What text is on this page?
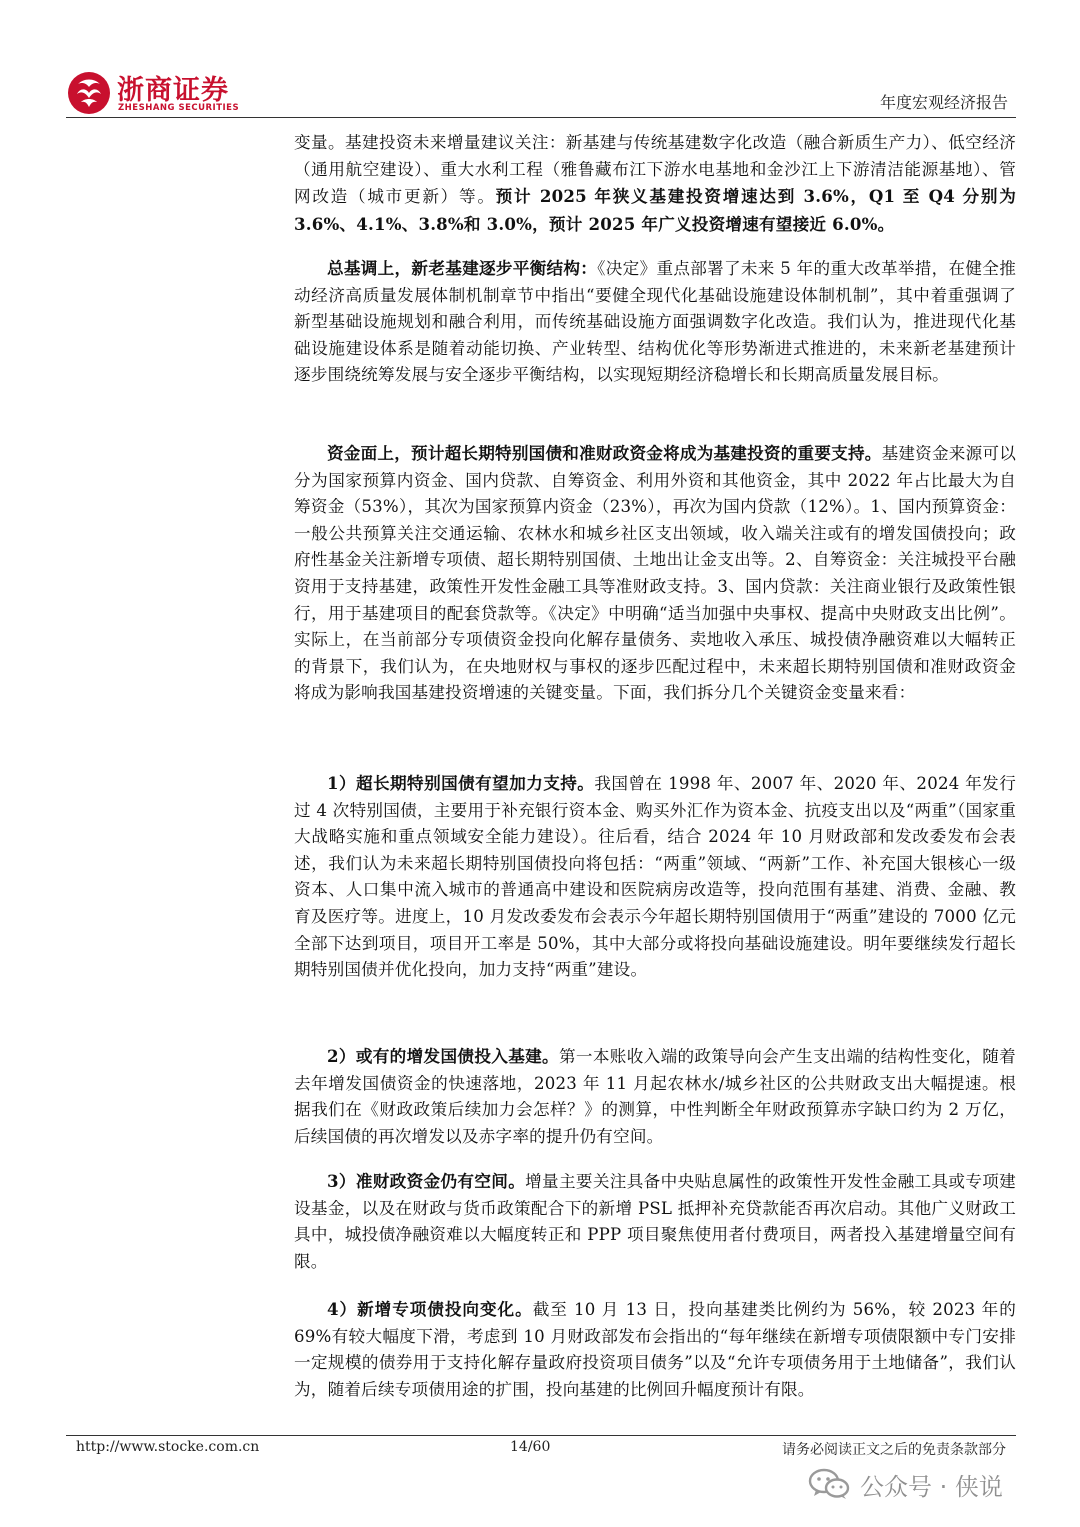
浙商证券
ZHESHANG SECURITIES	年度宏观经济报告

变量。基建投资未来增量建议关注：新基建与传统基建数字化改造（融合新质生产力）、低空经济（通用航空建设）、重大水利工程（雅鲁藏布江下游水电基地和金沙江上下游清洁能源基地）、管网改造（城市更新）等。预计 2025 年狭义基建投资增速达到 3.6%，Q1 至 Q4 分别为 3.6%、4.1%、3.8%和 3.0%，预计 2025 年广义投资增速有望接近 6.0%。

总基调上，新老基建逐步平衡结构：《决定》重点部署了未来 5 年的重大改革举措，在健全推动经济高质量发展体制机制章节中指出“要健全现代化基础设施建设体制机制”，其中着重强调了新型基础设施规划和融合利用，而传统基础设施方面强调数字化改造。我们认为，推进现代化基础设施建设体系是随着动能切换、产业转型、结构优化等形势渐进式推进的，未来新老基建预计逐步围绕统筹发展与安全逐步平衡结构，以实现短期经济稳增长和长期高质量发展目标。

资金面上，预计超长期特别国债和准财政资金将成为基建投资的重要支持。基建资金来源可以分为国家预算内资金、国内贷款、自筹资金、利用外资和其他资金，其中 2022 年占比最大为自筹资金（53%），其次为国家预算内资金（23%），再次为国内贷款（12%）。1、国内预算资金：一般公共预算关注交通运输、农林水和城乡社区支出领域，收入端关注或有的增发国债投向；政府性基金关注新增专项债、超长期特别国债、土地出让金支出等。2、自筹资金：关注城投平台融资用于支持基建，政策性开发性金融工具等准财政支持。3、国内贷款：关注商业银行及政策性银行，用于基建项目的配套贷款等。《决定》中明确“适当加强中央事权、提高中央财政支出比例”。实际上，在当前部分专项债资金投向化解存量债务、卖地收入承压、城投债净融资难以大幅转正的背景下，我们认为，在央地财权与事权的逐步匹配过程中，未来超长期特别国债和准财政资金将成为影响我国基建投资增速的关键变量。下面，我们拆分几个关键资金变量来看：

1）超长期特别国债有望加力支持。我国曾在 1998 年、2007 年、2020 年、2024 年发行过 4 次特别国债，主要用于补充银行资本金、购买外汇作为资本金、抗疫支出以及“两重”（国家重大战略实施和重点领域安全能力建设）。往后看，结合 2024 年 10 月财政部和发改委发布会表述，我们认为未来超长期特别国债投向将包括：“两重”领域、“两新”工作、补充国大银核心一级资本、人口集中流入城市的普通高中建设和医院病房改造等，投向范围有基建、消费、金融、教育及医疗等。进度上，10 月发改委发布会表示今年超长期特别国债用于“两重”建设的 7000 亿元全部下达到项目，项目开工率是 50%，其中大部分或将投向基础设施建设。明年要继续发行超长期特别国债并优化投向，加力支持“两重”建设。

2）或有的增发国债投入基建。第一本账收入端的政策导向会产生支出端的结构性变化，随着去年增发国债资金的快速落地，2023 年 11 月起农林水/城乡社区的公共财政支出大幅提速。根据我们在《财政政策后续加力会怎样？》的测算，中性判断全年财政预算赤字缺口约为 2 万亿，后续国债的再次增发以及赤字率的提升仍有空间。

3）准财政资金仍有空间。增量主要关注具备中央贴息属性的政策性开发性金融工具或专项建设基金，以及在财政与货币政策配合下的新增 PSL 抵押补充贷款能否再次启动。其他广义财政工具中，城投债净融资难以大幅度转正和 PPP 项目聚焦使用者付费项目，两者投入基建增量空间有限。

4）新增专项债投向变化。截至 10 月 13 日，投向基建类比例约为 56%，较 2023 年的 69%有较大幅度下滑，考虑到 10 月财政部发布会指出的“每年继续在新增专项债限额中专门安排一定规模的债券用于支持化解存量政府投资项目债务”以及“允许专项债务用于土地储备”，我们认为，随着后续专项债用途的扩围，投向基建的比例回升幅度预计有限。

http://www.stocke.com.cn	14/60	请务必阅读正文之后的免责条款部分
公众号 · 侠说
